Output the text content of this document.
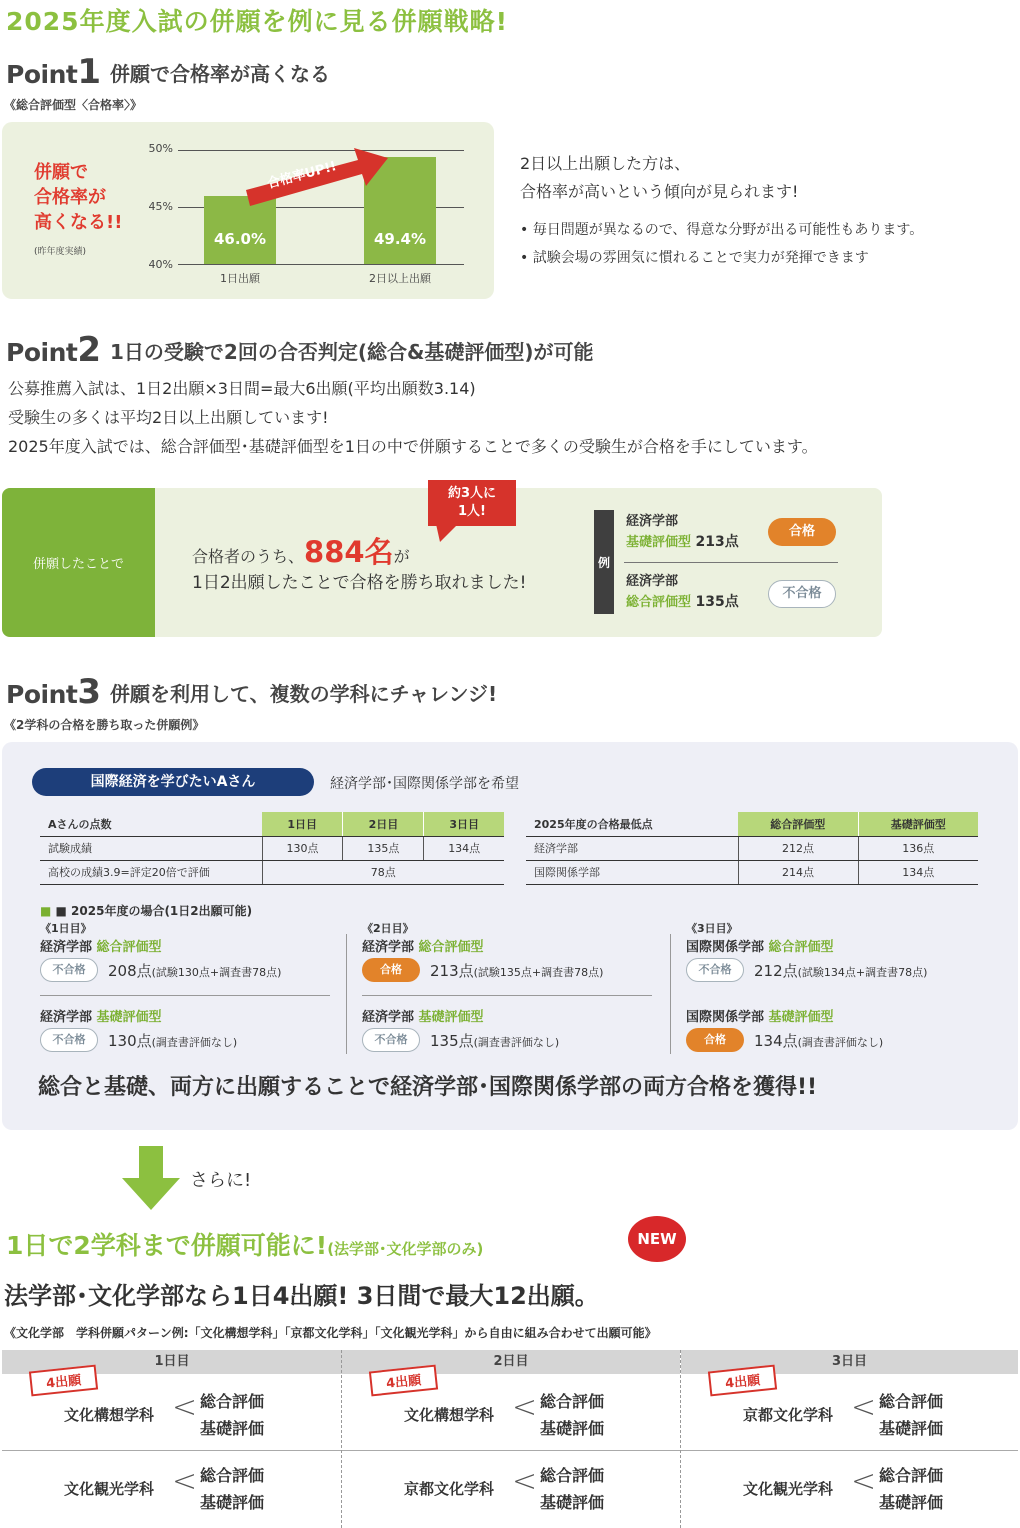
2025年度入試の併願を例に見る併願戦略!
Point1 併願で合格率が高くなる
《総合評価型〈合格率〉》
併願で
合格率が
高くなる!!
(昨年度実績)
50%
45%
40%
46.0%	49.4%
1日出願	2日以上出願
合格率UP!!	2日以上出願した方は、
合格率が高いという傾向が見られます!
• 毎日問題が異なるので、得意な分野が出る可能性もあります。
• 試験会場の雰囲気に慣れることで実力が発揮できます
Point2 1日の受験で2回の合否判定(総合&基礎評価型)が可能
公募推薦入試は、1日2出願×3日間=最大6出願(平均出願数3.14)
受験生の多くは平均2日以上出願しています!
2025年度入試では、総合評価型･基礎評価型を1日の中で併願することで多くの受験生が合格を手にしています。
併願したことで	合格者のうち、884名が
1日2出願したことで合格を勝ち取れました!
例
経済学部
基礎評価型 213点
合格
経済学部
総合評価型 135点
不合格
約3人に
1人!
Point3 併願を利用して、複数の学科にチャレンジ!
《2学科の合格を勝ち取った併願例》
国際経済を学びたいAさん	経済学部･国際関係学部を希望
Aさんの点数	1日目	2日目	3日目
試験成績	130点	135点	134点
高校の成績3.9=評定20倍で評価	78点		
2025年度の合格最低点	総合評価型	基礎評価型
経済学部	212点	136点
国際関係学部	214点	134点
■ ■ 2025年度の場合(1日2出願可能)
《1日目》
経済学部 総合評価型
不合格	208点(試験130点+調査書78点)
経済学部 基礎評価型
不合格	130点(調査書評価なし)
《2日目》
経済学部 総合評価型
合格	213点(試験135点+調査書78点)
経済学部 基礎評価型
不合格	135点(調査書評価なし)
《3日目》
国際関係学部 総合評価型
不合格	212点(試験134点+調査書78点)
国際関係学部 基礎評価型
合格	134点(調査書評価なし)
総合と基礎、両方に出願することで経済学部･国際関係学部の両方合格を獲得!!
さらに!
1日で2学科まで併願可能に!(法学部･文化学部のみ)
NEW
法学部･文化学部なら1日4出願! 3日間で最大12出願。
《文化学部　学科併願パターン例:「文化構想学科」「京都文化学科」「文化観光学科」から自由に組み合わせて出願可能》
1日目
4出願
文化構想学科 < 総合評価
基礎評価
文化観光学科 < 総合評価
基礎評価
2日目
4出願
文化構想学科 < 総合評価
基礎評価
京都文化学科 < 総合評価
基礎評価
3日目
4出願
京都文化学科 < 総合評価
基礎評価
文化観光学科 < 総合評価
基礎評価
